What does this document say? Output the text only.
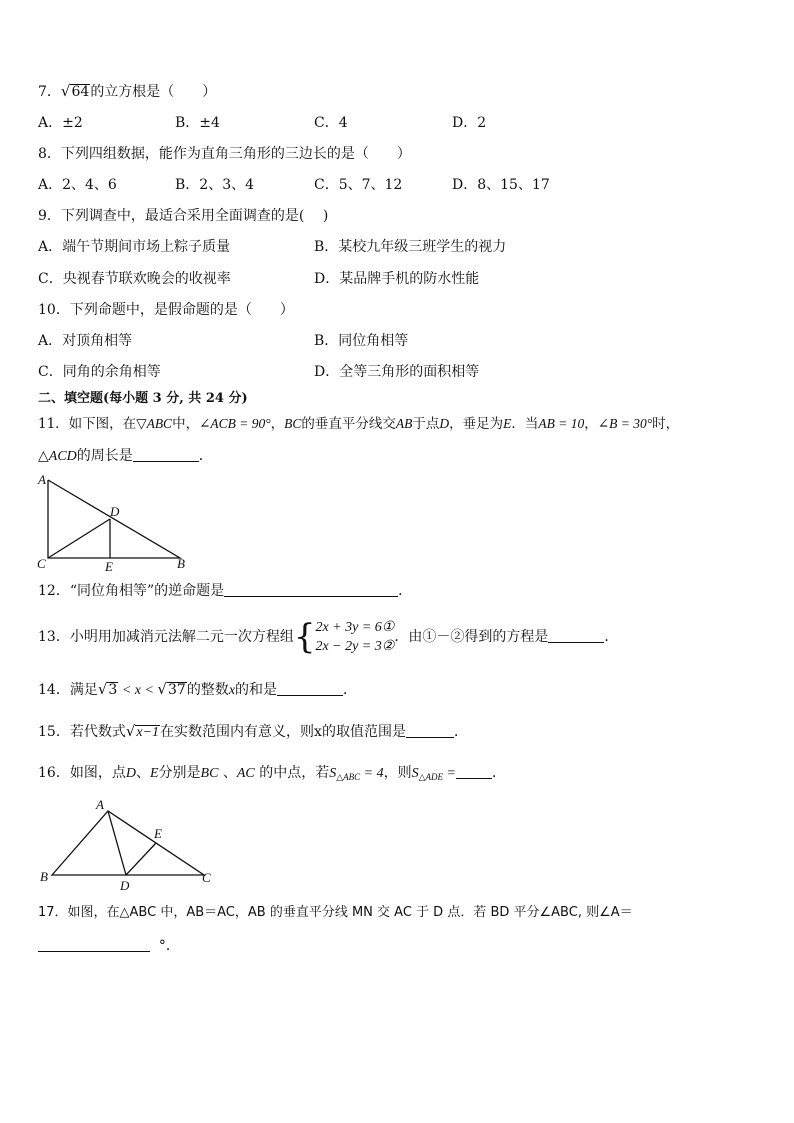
7．√64的立方根是（　　）
A．±2	B．±4	C．4	D．2
8．下列四组数据，能作为直角三角形的三边长的是（　　）
A．2、4、6	B．2、3、4	C．5、7、12	D．8、15、17
9．下列调查中，最适合采用全面调查的是(　 )
A．端午节期间市场上粽子质量	B．某校九年级三班学生的视力
C．央视春节联欢晚会的收视率	D．某品牌手机的防水性能
10．下列命题中，是假命题的是（　　）
A．对顶角相等	B．同位角相等
C．同角的余角相等	D．全等三角形的面积相等
二、填空题(每小题 3 分, 共 24 分)
11．如下图，在▽ABC中，∠ACB = 90°，BC的垂直平分线交AB于点D，垂足为E．当AB = 10，∠B = 30°时，
△ACD的周长是	．
A
D
C	E	B
12．“同位角相等”的逆命题是	．
13．小明用加减消元法解二元一次方程组{2x + 3y = 6①
2x − 2y = 3②．由①－②得到的方程是	．
14．满足√3 < x < √37的整数x的和是	．
15．若代数式√x−1在实数范围内有意义，则x的取值范围是	．
16．如图，点D、E分别是BC 、AC 的中点，若$S_{\triangle ABC} = 4$，则$S_{\triangle ADE}$ =	．
A
E
B
D
C
17．如图，在△ABC 中，AB＝AC，AB 的垂直平分线 MN 交 AC 于 D 点．若 BD 平分∠ABC, 则∠A＝
°．
